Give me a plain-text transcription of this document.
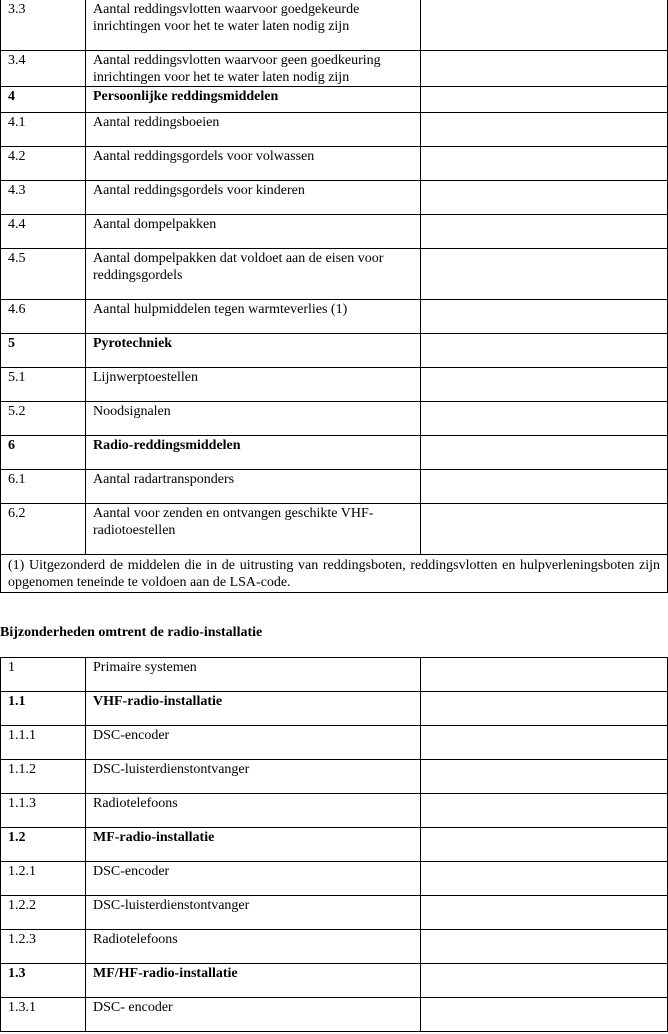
3.3	Aantal reddingsvlotten waarvoor goedgekeurde inrichtingen voor het te water laten nodig zijn	
3.4	Aantal reddingsvlotten waarvoor geen goedkeuring inrichtingen voor het te water laten nodig zijn	
4	Persoonlijke reddingsmiddelen	
4.1	Aantal reddingsboeien	
4.2	Aantal reddingsgordels voor volwassen	
4.3	Aantal reddingsgordels voor kinderen	
4.4	Aantal dompelpakken	
4.5	Aantal dompelpakken dat voldoet aan de eisen voor reddingsgordels	
4.6	Aantal hulpmiddelen tegen warmteverlies (1)	
5	Pyrotechniek	
5.1	Lijnwerptoestellen	
5.2	Noodsignalen	
6	Radio-reddingsmiddelen	
6.1	Aantal radartransponders	
6.2	Aantal voor zenden en ontvangen geschikte VHF-radiotoestellen	
(1) Uitgezonderd de middelen die in de uitrusting van reddingsboten, reddingsvlotten en hulpverleningsboten zijn opgenomen teneinde te voldoen aan de LSA-code.		
Bijzonderheden omtrent de radio-installatie
1	Primaire systemen	
1.1	VHF-radio-installatie	
1.1.1	DSC-encoder	
1.1.2	DSC-luisterdienstontvanger	
1.1.3	Radiotelefoons	
1.2	MF-radio-installatie	
1.2.1	DSC-encoder	
1.2.2	DSC-luisterdienstontvanger	
1.2.3	Radiotelefoons	
1.3	MF/HF-radio-installatie	
1.3.1	DSC- encoder	
